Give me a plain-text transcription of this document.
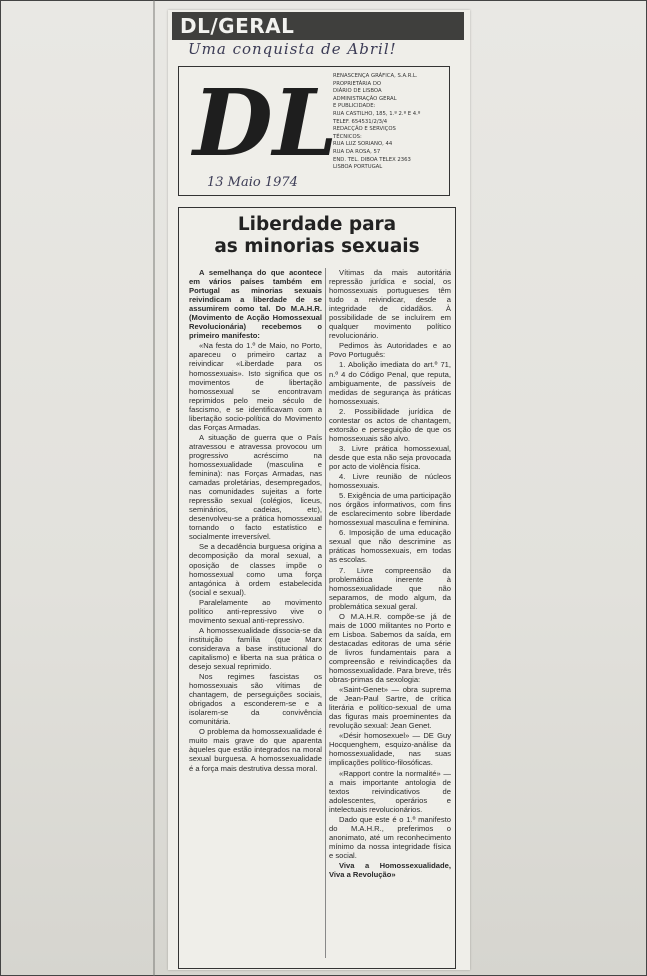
DL/GERAL
Uma conquista de Abril!
DL
13 Maio 1974
RENASCENÇA GRÁFICA, S.A.R.L.
PROPRIETÁRIA DO
DIÁRIO DE LISBOA
ADMINISTRAÇÃO GERAL
E PUBLICIDADE:
RUA CASTILHO, 185, 1.º 2.º E 4.º
TELEF. 654531/2/3/4
REDACÇÃO E SERVIÇOS
TÉCNICOS:
RUA LUZ SORIANO, 44
RUA DA ROSA, 57
END. TEL. DIBOA TELEX 2363
LISBOA PORTUGAL
Liberdade para
as minorias sexuais

A semelhança do que acontece em vários países também em Portugal as minorias sexuais reivindicam a liberdade de se assumirem como tal. Do M.A.H.R. (Movimento de Acção Homossexual Revolucionária) recebemos o primeiro manifesto:

«Na festa do 1.º de Maio, no Porto, apareceu o primeiro cartaz a reivindicar «Liberdade para os homossexuais». Isto significa que os movimentos de libertação homossexual se encontravam reprimidos pelo meio século de fascismo, e se identificavam com a libertação socio-política do Movimento das Forças Armadas.

A situação de guerra que o País atravessou e atravessa provocou um progressivo acréscimo na homossexualidade (masculina e feminina): nas Forças Armadas, nas camadas proletárias, desempregados, nas comunidades sujeitas a forte repressão sexual (colégios, liceus, seminários, cadeias, etc), desenvolveu-se a prática homossexual tornando o facto estatístico e socialmente irreversível.

Se a decadência burguesa origina a decomposição da moral sexual, a oposição de classes impõe o homossexual como uma força antagónica à ordem estabelecida (social e sexual).

Paralelamente ao movimento político anti-repressivo vive o movimento sexual anti-repressivo.

A homossexualidade dissocia-se da instituição família (que Marx considerava a base institucional do capitalismo) e liberta na sua prática o desejo sexual reprimido.

Nos regimes fascistas os homossexuais são vítimas de chantagem, de perseguições sociais, obrigados a esconderem-se e a isolarem-se da convivência comunitária.

O problema da homossexualidade é muito mais grave do que aparenta àqueles que estão integrados na moral sexual burguesa. A homossexualidade é a força mais destrutiva dessa moral.

Vítimas da mais autoritária repressão jurídica e social, os homossexuais portugueses têm tudo a reivindicar, desde a integridade de cidadãos. À possibilidade de se incluírem em qualquer movimento político revolucionário.

Pedimos às Autoridades e ao Povo Português:

1. Abolição imediata do art.º 71, n.º 4 do Código Penal, que reputa, ambiguamente, de passíveis de medidas de segurança às práticas homossexuais.

2. Possibilidade jurídica de contestar os actos de chantagem, extorsão e perseguição de que os homossexuais são alvo.

3. Livre prática homossexual, desde que esta não seja provocada por acto de violência física.

4. Livre reunião de núcleos homossexuais.

5. Exigência de uma participação nos órgãos informativos, com fins de esclarecimento sobre liberdade homossexual masculina e feminina.

6. Imposição de uma educação sexual que não descrimine as práticas homossexuais, em todas as escolas.

7. Livre compreensão da problemática inerente à homossexualidade que não separamos, de modo algum, da problemática sexual geral.

O M.A.H.R. compõe-se já de mais de 1000 militantes no Porto e em Lisboa. Sabemos da saída, em destacadas editoras de uma série de livros fundamentais para a compreensão e reivindicações da homossexualidade. Para breve, três obras-primas da sexologia:

«Saint-Genet» — obra suprema de Jean-Paul Sartre, de crítica literária e político-sexual de uma das figuras mais proeminentes da revolução sexual: Jean Genet.

«Désir homosexuel» — DE Guy Hocquenghem, esquizo-análise da homossexualidade, nas suas implicações político-filosóficas.

«Rapport contre la normalité» — a mais importante antologia de textos reivindicativos de adolescentes, operários e intelectuais revolucionários.

Dado que este é o 1.º manifesto do M.A.H.R., preferimos o anonimato, até um reconhecimento mínimo da nossa integridade física e social.

Viva a Homossexualidade, Viva a Revolução»
